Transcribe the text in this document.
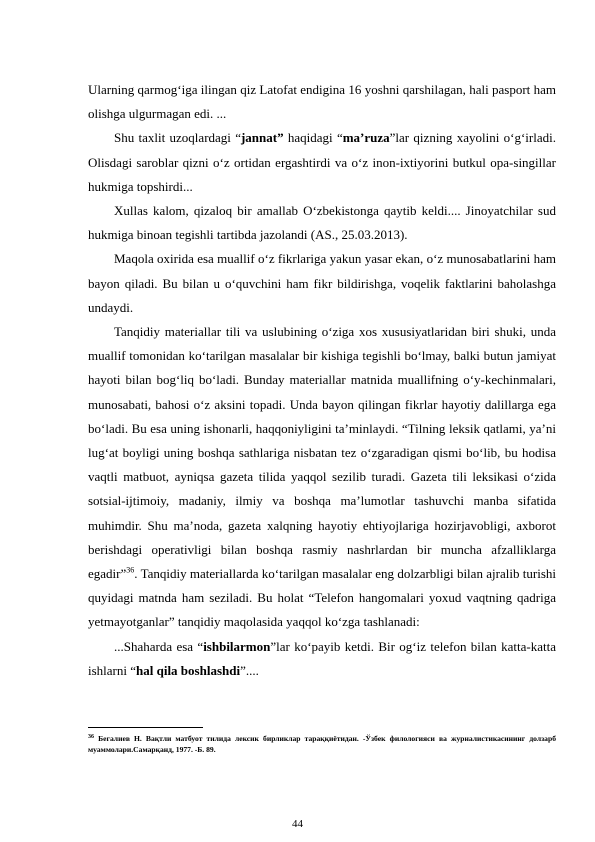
Ularning qarmog‘iga ilingan qiz Latofat endigina 16 yoshni qarshilagan, hali pasport ham olishga ulgurmagan edi. ...

Shu taxlit uzoqlardagi “jannat” haqidagi “ma’ruza”lar qizning xayolini o‘g‘irladi. Olisdagi saroblar qizni o‘z ortidan ergashtirdi va o‘z inon-ixtiyorini butkul opa-singillar hukmiga topshirdi...

Xullas kalom, qizaloq bir amallab O‘zbekistonga qaytib keldi.... Jinoyatchilar sud hukmiga binoan tegishli tartibda jazolandi (AS., 25.03.2013).

Maqola oxirida esa muallif o‘z fikrlariga yakun yasar ekan, o‘z munosabatlarini ham bayon qiladi. Bu bilan u o‘quvchini ham fikr bildirishga, voqelik faktlarini baholashga undaydi.

Tanqidiy materiallar tili va uslubining o‘ziga xos xususiyatlaridan biri shuki, unda muallif tomonidan ko‘tarilgan masalalar bir kishiga tegishli bo‘lmay, balki butun jamiyat hayoti bilan bog‘liq bo‘ladi. Bunday materiallar matnida muallifning o‘y-kechinmalari, munosabati, bahosi o‘z aksini topadi. Unda bayon qilingan fikrlar hayotiy dalillarga ega bo‘ladi. Bu esa uning ishonarli, haqqoniyligini ta’minlaydi. “Tilning leksik qatlami, ya’ni lug‘at boyligi uning boshqa sathlariga nisbatan tez o‘zgaradigan qismi bo‘lib, bu hodisa vaqtli matbuot, ayniqsa gazeta tilida yaqqol sezilib turadi. Gazeta tili leksikasi o‘zida sotsial-ijtimoiy, madaniy, ilmiy va boshqa ma’lumotlar tashuvchi manba sifatida muhimdir. Shu ma’noda, gazeta xalqning hayotiy ehtiyojlariga hozirjavobligi, axborot berishdagi operativligi bilan boshqa rasmiy nashrlardan bir muncha afzalliklarga egadir”$^{36}$. Tanqidiy materiallarda ko‘tarilgan masalalar eng dolzarbligi bilan ajralib turishi quyidagi matnda ham seziladi. Bu holat “Telefon hangomalari yoxud vaqtning qadriga yetmayotganlar” tanqidiy maqolasida yaqqol ko‘zga tashlanadi:

...Shaharda esa “ishbilarmon”lar ko‘payib ketdi. Bir og‘iz telefon bilan katta-katta ishlarni “hal qila boshlashdi”....

$^{36}$ Бегалиев Н. Вақтли матбуот тилида лексик бирликлар тараққиётидан. -Ўзбек филологияси ва журналистикасининг долзарб муаммолари.Самарқанд, 1977. -Б. 89.
44
